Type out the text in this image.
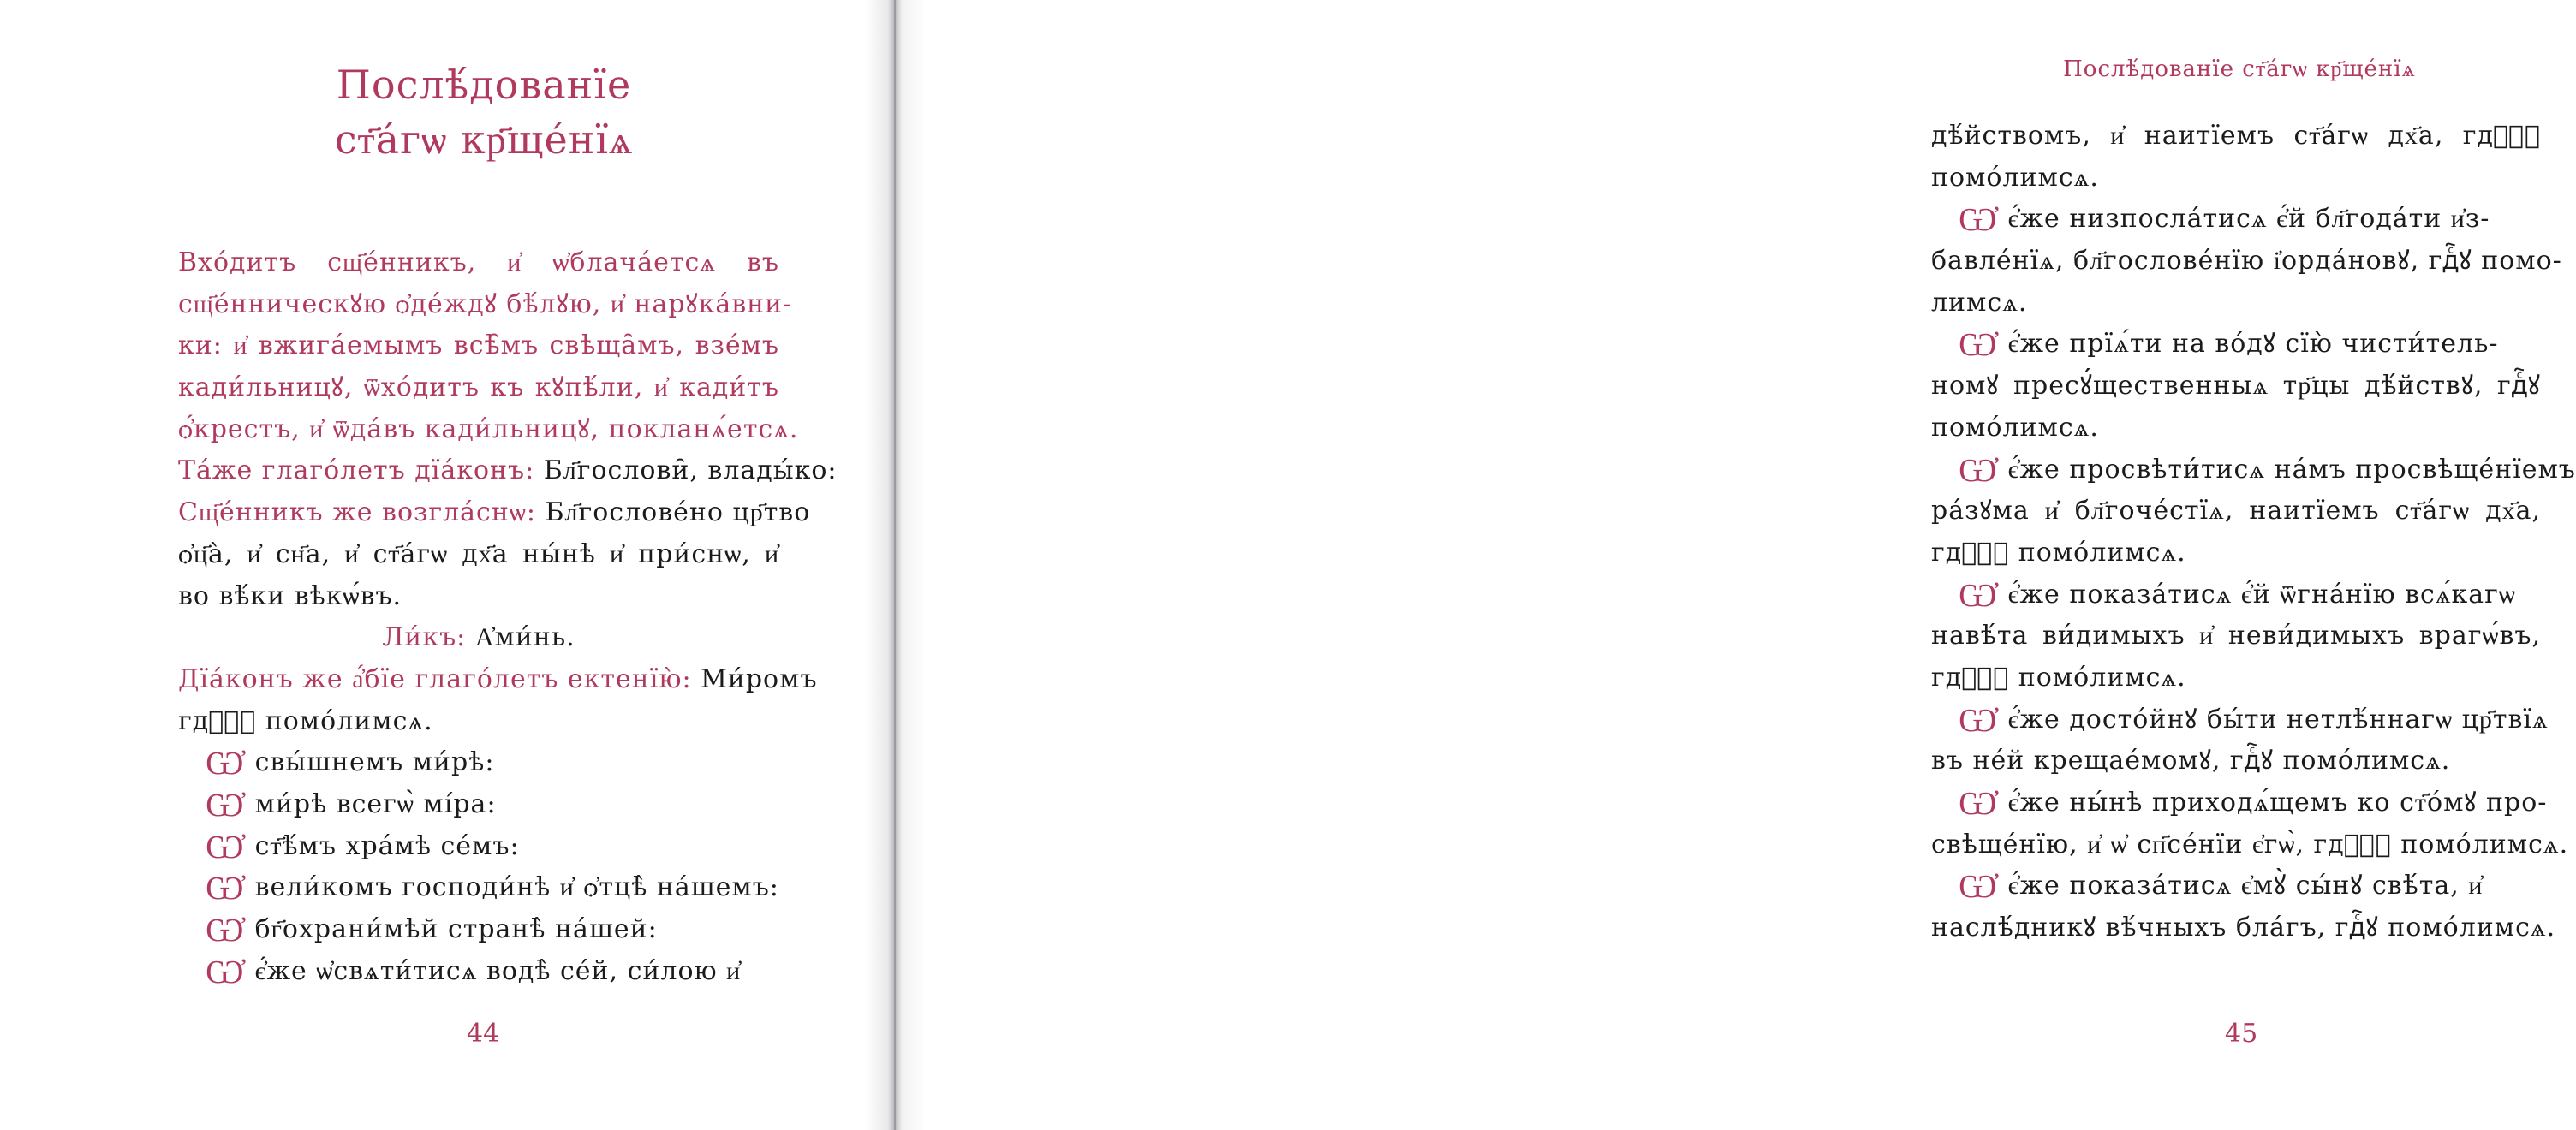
Послѣ́дованїе
ст҃а́гѡ кр҃ще́нїѧ
Вхо́дитъ сщ҃е́нникъ, и҆ ѡ҆блача́етсѧ въ
сщ҃е́нническꙋю ѻ҆де́ждꙋ бѣ́лꙋю, и҆ нарꙋка́вни-
ки: и҆ вжига́емымъ всѣ̑мъ свѣща̑мъ, взе́мъ
кади́льницꙋ, ѿхо́дитъ къ кꙋпѣ́ли, и҆ кади́тъ
ѻ҆́крестъ, и҆ ѿда́въ кади́льницꙋ, покланѧ́етсѧ.
Та́же глаго́летъ дїа́конъ: Бл҃гослови̑, влады́ко:
Сщ҃е́нникъ же возгла́снѡ: Бл҃гослове́но цр҃тво
ѻ҆ц҃а̀, и҆ сн҃а, и҆ ст҃а́гѡ дх҃а ны́нѣ и҆ при́снѡ, и҆
во вѣ́ки вѣкѡ́въ.
Ли́къ: А҆ми́нь.
Дїа́конъ же а҆́бїе глаго́летъ ектенїю̀: Ми́ромъ
гдⷭ҇ꙋ помо́лимсѧ.
Ѡ҆ свы́шнемъ ми́рѣ:
Ѡ҆ ми́рѣ всегѡ̀ мі́ра:
Ѡ҆ ст҃ѣ́мъ хра́мѣ се́мъ:
Ѡ҆ вели́комъ господи́нѣ и҆ ѻ҆тцѣ̀ на́шемъ:
Ѡ҆ бг҃охрани́мѣй странѣ̀ на́шей:
Ѡ҆ є҆́же ѡ҆свѧти́тисѧ водѣ̀ се́й, си́лою и҆
44
Послѣ́дованїе ст҃а́гѡ кр҃ще́нїѧ
дѣ́йствомъ, и҆ наитїемъ ст҃а́гѡ дх҃а, гдⷭ҇ꙋ
помо́лимсѧ.
Ѡ҆ є҆́же низпосла́тисѧ є҆́й бл҃года́ти и҆з-
бавле́нїѧ, бл҃гослове́нїю і҆орда́новꙋ, гдⷭ҇ꙋ помо-
лимсѧ.
Ѡ҆ є҆́же прїѧ́ти на во́дꙋ сїю̀ чисти́тель-
номꙋ пресꙋ́щественныѧ тр҃цы дѣ́йствꙋ, гдⷭ҇ꙋ
помо́лимсѧ.
Ѡ҆ є҆́же просвѣти́тисѧ на́мъ просвѣще́нїемъ
ра́зꙋма и҆ бл҃гоче́стїѧ, наитїемъ ст҃а́гѡ дх҃а,
гдⷭ҇ꙋ помо́лимсѧ.
Ѡ҆ є҆́же показа́тисѧ є҆́й ѿгна́нїю всѧ́кагѡ
навѣ́та ви́димыхъ и҆ неви́димыхъ врагѡ́въ,
гдⷭ҇ꙋ помо́лимсѧ.
Ѡ҆ є҆́же досто́йнꙋ бы́ти нетлѣ́ннагѡ цр҃твїѧ
въ не́й крещае́момꙋ, гдⷭ҇ꙋ помо́лимсѧ.
Ѡ҆ є҆́же ны́нѣ приходѧ́щемъ ко ст҃о́мꙋ про-
свѣще́нїю, и҆ ѡ҆ сп҃се́нїи є҆гѡ̀, гдⷭ҇ꙋ помо́лимсѧ.
Ѡ҆ є҆́же показа́тисѧ є҆мꙋ̀ сы́нꙋ свѣ́та, и҆
наслѣ́дникꙋ вѣ́чныхъ бла́гъ, гдⷭ҇ꙋ помо́лимсѧ.
45
